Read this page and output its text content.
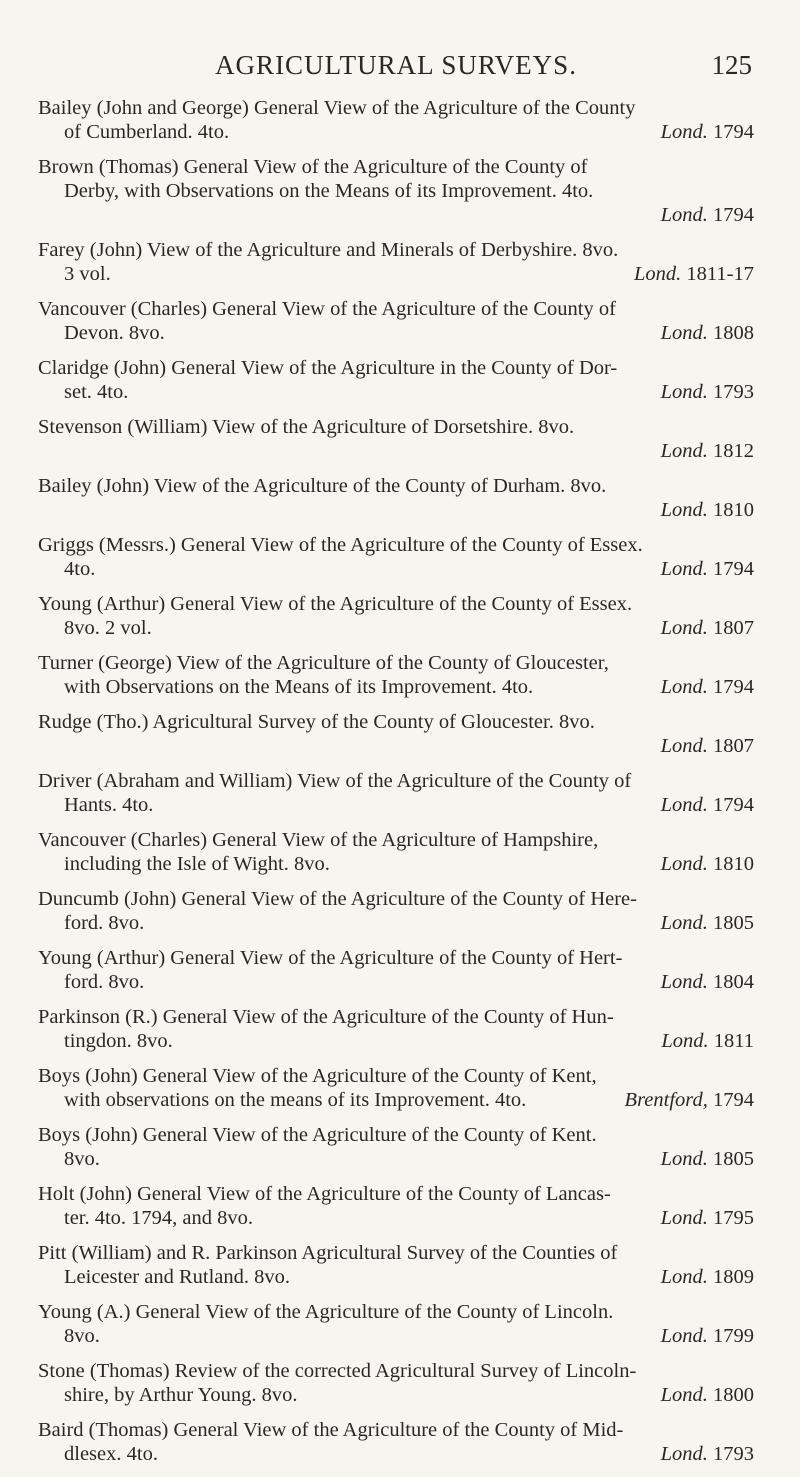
AGRICULTURAL SURVEYS.	125
Bailey (John and George) General View of the Agriculture of the County
of Cumberland. 4to.	Lond. 1794
Brown (Thomas) General View of the Agriculture of the County of
Derby, with Observations on the Means of its Improvement. 4to.
Lond. 1794
Farey (John) View of the Agriculture and Minerals of Derbyshire. 8vo.
3 vol.	Lond. 1811-17
Vancouver (Charles) General View of the Agriculture of the County of
Devon. 8vo.	Lond. 1808
Claridge (John) General View of the Agriculture in the County of Dor-
set. 4to.	Lond. 1793
Stevenson (William) View of the Agriculture of Dorsetshire. 8vo.
Lond. 1812
Bailey (John) View of the Agriculture of the County of Durham. 8vo.
Lond. 1810
Griggs (Messrs.) General View of the Agriculture of the County of Essex.
4to.	Lond. 1794
Young (Arthur) General View of the Agriculture of the County of Essex.
8vo. 2 vol.	Lond. 1807
Turner (George) View of the Agriculture of the County of Gloucester,
with Observations on the Means of its Improvement. 4to.	Lond. 1794
Rudge (Tho.) Agricultural Survey of the County of Gloucester. 8vo.
Lond. 1807
Driver (Abraham and William) View of the Agriculture of the County of
Hants. 4to.	Lond. 1794
Vancouver (Charles) General View of the Agriculture of Hampshire,
including the Isle of Wight. 8vo.	Lond. 1810
Duncumb (John) General View of the Agriculture of the County of Here-
ford. 8vo.	Lond. 1805
Young (Arthur) General View of the Agriculture of the County of Hert-
ford. 8vo.	Lond. 1804
Parkinson (R.) General View of the Agriculture of the County of Hun-
tingdon. 8vo.	Lond. 1811
Boys (John) General View of the Agriculture of the County of Kent,
with observations on the means of its Improvement. 4to.	Brentford, 1794
Boys (John) General View of the Agriculture of the County of Kent.
8vo.	Lond. 1805
Holt (John) General View of the Agriculture of the County of Lancas-
ter. 4to. 1794, and 8vo.	Lond. 1795
Pitt (William) and R. Parkinson Agricultural Survey of the Counties of
Leicester and Rutland. 8vo.	Lond. 1809
Young (A.) General View of the Agriculture of the County of Lincoln.
8vo.	Lond. 1799
Stone (Thomas) Review of the corrected Agricultural Survey of Lincoln-
shire, by Arthur Young. 8vo.	Lond. 1800
Baird (Thomas) General View of the Agriculture of the County of Mid-
dlesex. 4to.	Lond. 1793
